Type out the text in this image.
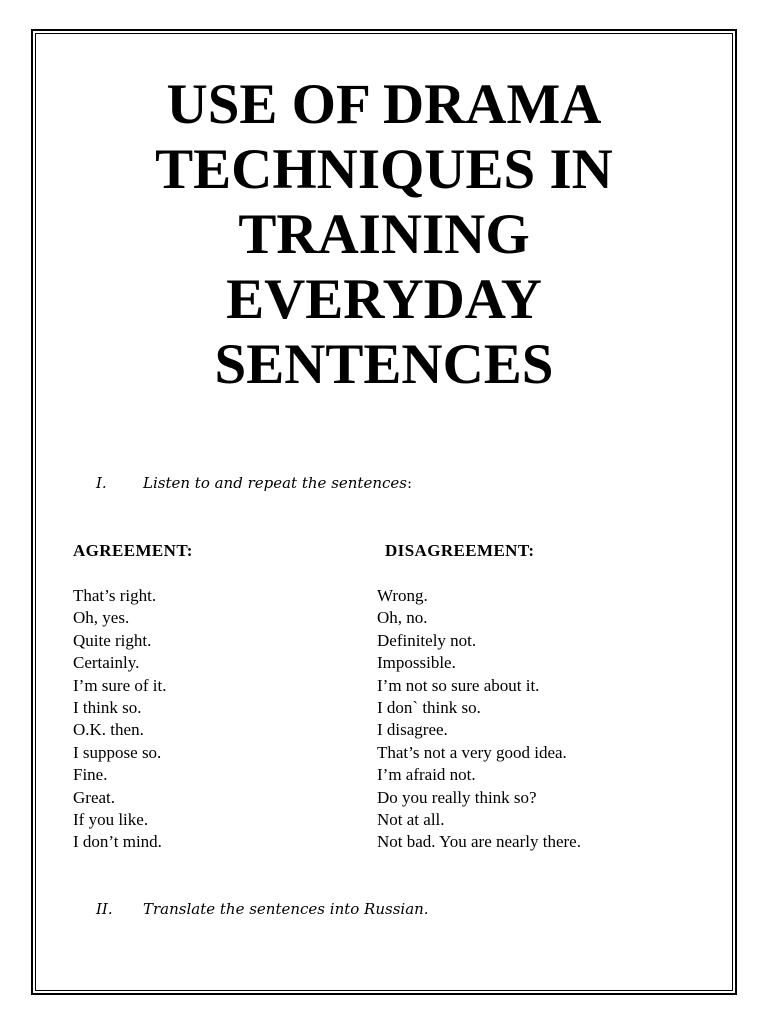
USE OF DRAMA
TECHNIQUES IN
TRAINING
EVERYDAY
SENTENCES
I. Listen to and repeat the sentences:
AGREEMENT:	DISAGREEMENT:
That’s right.
Oh, yes.
Quite right.
Certainly.
I’m sure of it.
I think so.
O.K. then.
I suppose so.
Fine.
Great.
If you like.
I don’t mind.
Wrong.
Oh, no.
Definitely not.
Impossible.
I’m not so sure about it.
I don` think so.
I disagree.
That’s not a very good idea.
I’m afraid not.
Do you really think so?
Not at all.
Not bad. You are nearly there.
II. Translate the sentences into Russian.
